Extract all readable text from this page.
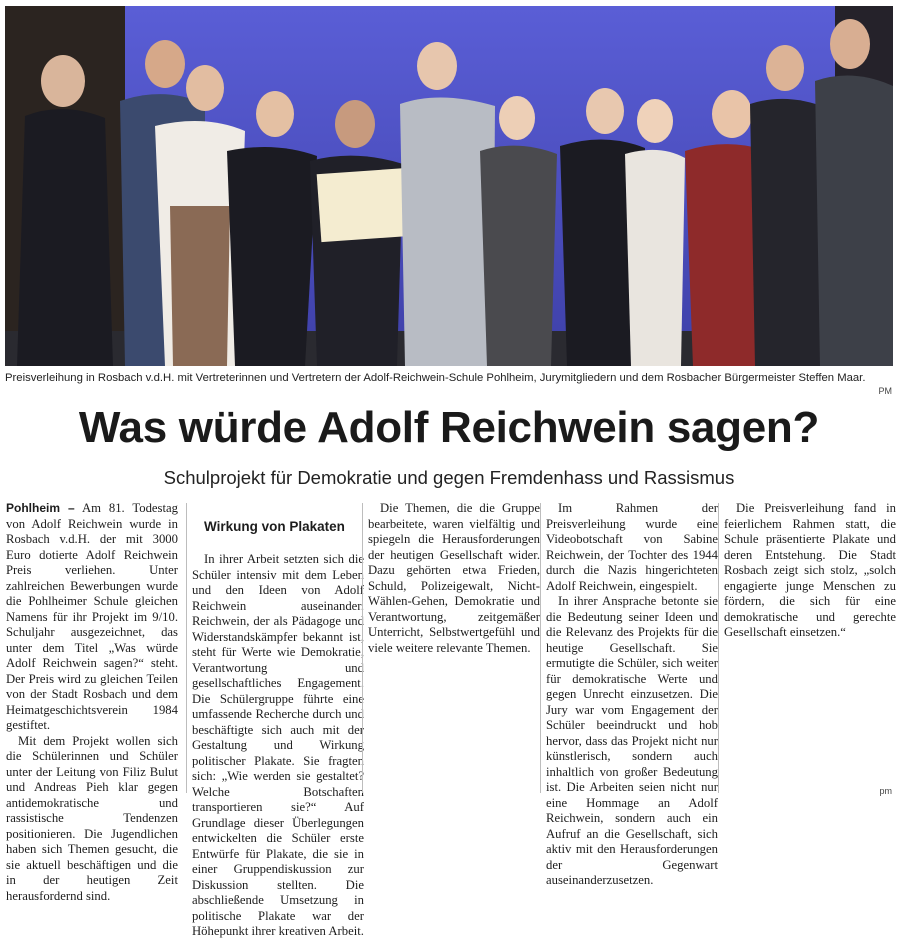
Preisverleihung in Rosbach v.d.H. mit Vertreterinnen und Vertretern der Adolf-Reichwein-Schule Pohlheim, Jurymitgliedern und dem Rosbacher Bürgermeister Steffen Maar.
PM
Was würde Adolf Reichwein sagen?
Schulprojekt für Demokratie und gegen Fremdenhass und Rassismus

Pohlheim – Am 81. Todestag von Adolf Reichwein wurde in Rosbach v.d.H. der mit 3000 Euro dotierte Adolf Reichwein Preis verliehen. Unter zahlreichen Bewerbungen wurde die Pohlheimer Schule gleichen Namens für ihr Projekt im 9/10. Schuljahr ausgezeichnet, das unter dem Titel „Was würde Adolf Reichwein sagen?“ steht. Der Preis wird zu gleichen Teilen von der Stadt Rosbach und dem Heimatgeschichtsverein 1984 gestiftet.

Mit dem Projekt wollen sich die Schülerinnen und Schüler unter der Leitung von Filiz Bulut und Andreas Pieh klar gegen antidemokratische und rassistische Tendenzen positionieren. Die Jugendlichen haben sich Themen gesucht, die sie aktuell beschäftigen und die in der heutigen Zeit herausfordernd sind.

Wirkung von Plakaten

In ihrer Arbeit setzten sich die Schüler intensiv mit dem Leben und den Ideen von Adolf Reichwein auseinander. Reichwein, der als Pädagoge und Widerstandskämpfer bekannt ist, steht für Werte wie Demokratie, Verantwortung und gesellschaftliches Engagement. Die Schülergruppe führte eine umfassende Recherche durch und beschäftigte sich auch mit der Gestaltung und Wirkung politischer Plakate. Sie fragten sich: „Wie werden sie gestaltet? Welche Botschaften transportieren sie?“ Auf Grundlage dieser Überlegungen entwickelten die Schüler erste Entwürfe für Plakate, die sie in einer Gruppendiskussion zur Diskussion stellten. Die abschließende Umsetzung in politische Plakate war der Höhepunkt ihrer kreativen Arbeit.

Die Themen, die die Gruppe bearbeitete, waren vielfältig und spiegeln die Herausforderungen der heutigen Gesellschaft wider. Dazu gehörten etwa Frieden, Schuld, Polizeigewalt, Nicht-Wählen-Gehen, Demokratie und Verantwortung, zeitgemäßer Unterricht, Selbstwertgefühl und viele weitere relevante Themen.

Im Rahmen der Preisverleihung wurde eine Videobotschaft von Sabine Reichwein, der Tochter des 1944 durch die Nazis hingerichteten Adolf Reichwein, eingespielt.

In ihrer Ansprache betonte sie die Bedeutung seiner Ideen und die Relevanz des Projekts für die heutige Gesellschaft. Sie ermutigte die Schüler, sich weiter für demokratische Werte und gegen Unrecht einzusetzen. Die Jury war vom Engagement der Schüler beeindruckt und hob hervor, dass das Projekt nicht nur künstlerisch, sondern auch inhaltlich von großer Bedeutung ist. Die Arbeiten seien nicht nur eine Hommage an Adolf Reichwein, sondern auch ein Aufruf an die Gesellschaft, sich aktiv mit den Herausforderungen der Gegenwart auseinanderzusetzen.

Die Preisverleihung fand in feierlichem Rahmen statt, die Schule präsentierte Plakate und deren Entstehung. Die Stadt Rosbach zeigt sich stolz, „solch engagierte junge Menschen zu fördern, die sich für eine demokratische und gerechte Gesellschaft einsetzen.“

pm
